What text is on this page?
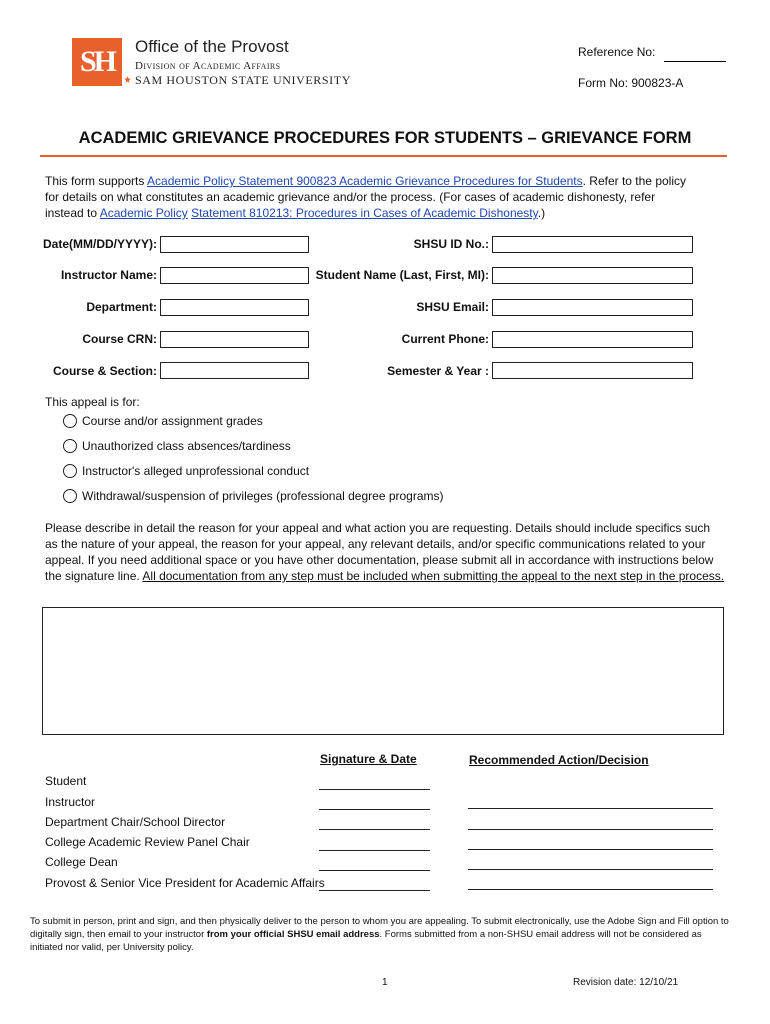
SH	Office of the Provost
Division of Academic Affairs
SAM HOUSTON STATE UNIVERSITY
Reference No:
Form No: 900823-A
ACADEMIC GRIEVANCE PROCEDURES FOR STUDENTS – GRIEVANCE FORM
This form supports Academic Policy Statement 900823 Academic Grievance Procedures for Students. Refer to the policy for details on what constitutes an academic grievance and/or the process. (For cases of academic dishonesty, refer instead to Academic Policy Statement 810213: Procedures in Cases of Academic Dishonesty.)
Date(MM/DD/YYYY):	SHSU ID No.:
Instructor Name:	Student Name (Last, First, MI):
Department:	SHSU Email:
Course CRN:	Current Phone:
Course & Section:	Semester & Year :
This appeal is for:
Course and/or assignment grades
Unauthorized class absences/tardiness
Instructor's alleged unprofessional conduct
Withdrawal/suspension of privileges (professional degree programs)
Please describe in detail the reason for your appeal and what action you are requesting. Details should include specifics such as the nature of your appeal, the reason for your appeal, any relevant details, and/or specific communications related to your appeal. If you need additional space or you have other documentation, please submit all in accordance with instructions below the signature line. All documentation from any step must be included when submitting the appeal to the next step in the process.
Signature & Date	Recommended Action/Decision
Student
Instructor
Department Chair/School Director
College Academic Review Panel Chair
College Dean
Provost & Senior Vice President for Academic Affairs
To submit in person, print and sign, and then physically deliver to the person to whom you are appealing. To submit electronically, use the Adobe Sign and Fill option to digitally sign, then email to your instructor from your official SHSU email address. Forms submitted from a non-SHSU email address will not be considered as initiated nor valid, per University policy.
1	Revision date: 12/10/21
